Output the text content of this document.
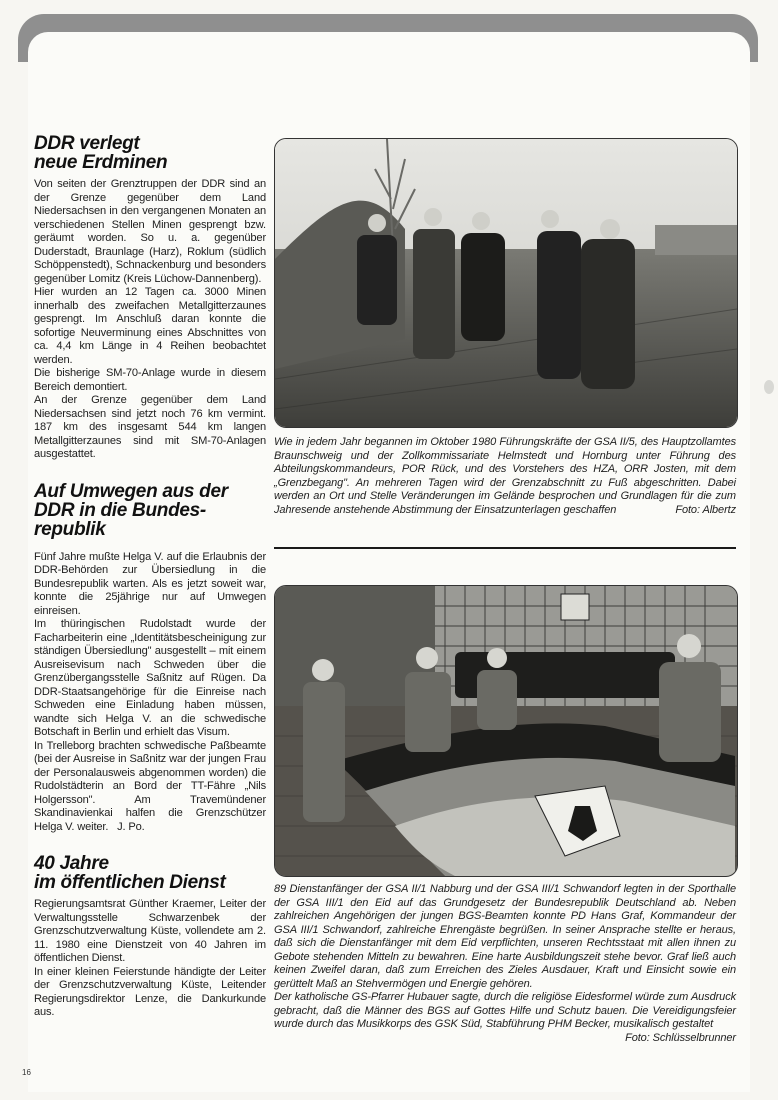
DDR verlegt
neue Erdminen

Von seiten der Grenztruppen der DDR sind an der Grenze gegenüber dem Land Niedersachsen in den vergangenen Monaten an verschiedenen Stellen Minen gesprengt bzw. geräumt worden. So u. a. gegenüber Duderstadt, Braunlage (Harz), Roklum (südlich Schöppenstedt), Schnackenburg und besonders gegenüber Lomitz (Kreis Lüchow-Dannenberg).

Hier wurden an 12 Tagen ca. 3000 Minen innerhalb des zweifachen Metallgitterzaunes gesprengt. Im Anschluß daran konnte die sofortige Neuverminung eines Abschnittes von ca. 4,4 km Länge in 4 Reihen beobachtet werden.

Die bisherige SM-70-Anlage wurde in diesem Bereich demontiert.

An der Grenze gegenüber dem Land Niedersachsen sind jetzt noch 76 km vermint. 187 km des insgesamt 544 km langen Metallgitterzaunes sind mit SM-70-Anlagen ausgestattet.

Auf Umwegen aus der
DDR in die Bundes-
republik

Fünf Jahre mußte Helga V. auf die Erlaubnis der DDR-Behörden zur Übersiedlung in die Bundesrepublik warten. Als es jetzt soweit war, konnte die 25jährige nur auf Umwegen einreisen.

Im thüringischen Rudolstadt wurde der Facharbeiterin eine „Identitätsbescheinigung zur ständigen Übersiedlung" ausgestellt – mit einem Ausreisevisum nach Schweden über die Grenzübergangsstelle Saßnitz auf Rügen. Da DDR-Staatsangehörige für die Einreise nach Schweden eine Einladung haben müssen, wandte sich Helga V. an die schwedische Botschaft in Berlin und erhielt das Visum.

In Trelleborg brachten schwedische Paßbeamte (bei der Ausreise in Saßnitz war der jungen Frau der Personalausweis abgenommen worden) die Rudolstädterin an Bord der TT-Fähre „Nils Holgersson". Am Travemündener Skandinavienkai halfen die Grenzschützer Helga V. weiter. J. Po.

40 Jahre
im öffentlichen Dienst

Regierungsamtsrat Günther Kraemer, Leiter der Verwaltungsstelle Schwarzenbek der Grenzschutzverwaltung Küste, vollendete am 2. 11. 1980 eine Dienstzeit von 40 Jahren im öffentlichen Dienst.

In einer kleinen Feierstunde händigte der Leiter der Grenzschutzverwaltung Küste, Leitender Regierungsdirektor Lenze, die Dankurkunde aus.

16

Wie in jedem Jahr begannen im Oktober 1980 Führungskräfte der GSA II/5, des Hauptzollamtes Braunschweig und der Zollkommissariate Helmstedt und Hornburg unter Führung des Abteilungskommandeurs, POR Rück, und des Vorstehers des HZA, ORR Josten, mit dem „Grenzbegang". An mehreren Tagen wird der Grenzabschnitt zu Fuß abgeschritten. Dabei werden an Ort und Stelle Veränderungen im Gelände besprochen und Grundlagen für die zum Jahresende anstehende Abstimmung der Einsatzunterlagen geschaffen	Foto: Albertz

89 Dienstanfänger der GSA II/1 Nabburg und der GSA III/1 Schwandorf legten in der Sporthalle der GSA III/1 den Eid auf das Grundgesetz der Bundesrepublik Deutschland ab. Neben zahlreichen Angehörigen der jungen BGS-Beamten konnte PD Hans Graf, Kommandeur der GSA III/1 Schwandorf, zahlreiche Ehrengäste begrüßen. In seiner Ansprache stellte er heraus, daß sich die Dienstanfänger mit dem Eid verpflichten, unseren Rechtsstaat mit allen ihnen zu Gebote stehenden Mitteln zu bewahren. Eine harte Ausbildungszeit stehe bevor. Graf ließ auch keinen Zweifel daran, daß zum Erreichen des Zieles Ausdauer, Kraft und Einsicht sowie ein gerüttelt Maß an Stehvermögen und Energie gehören.
Der katholische GS-Pfarrer Hubauer sagte, durch die religiöse Eidesformel würde zum Ausdruck gebracht, daß die Männer des BGS auf Gottes Hilfe und Schutz bauen. Die Vereidigungsfeier wurde durch das Musikkorps des GSK Süd, Stabführung PHM Becker, musikalisch gestaltet
Foto: Schlüsselbrunner
